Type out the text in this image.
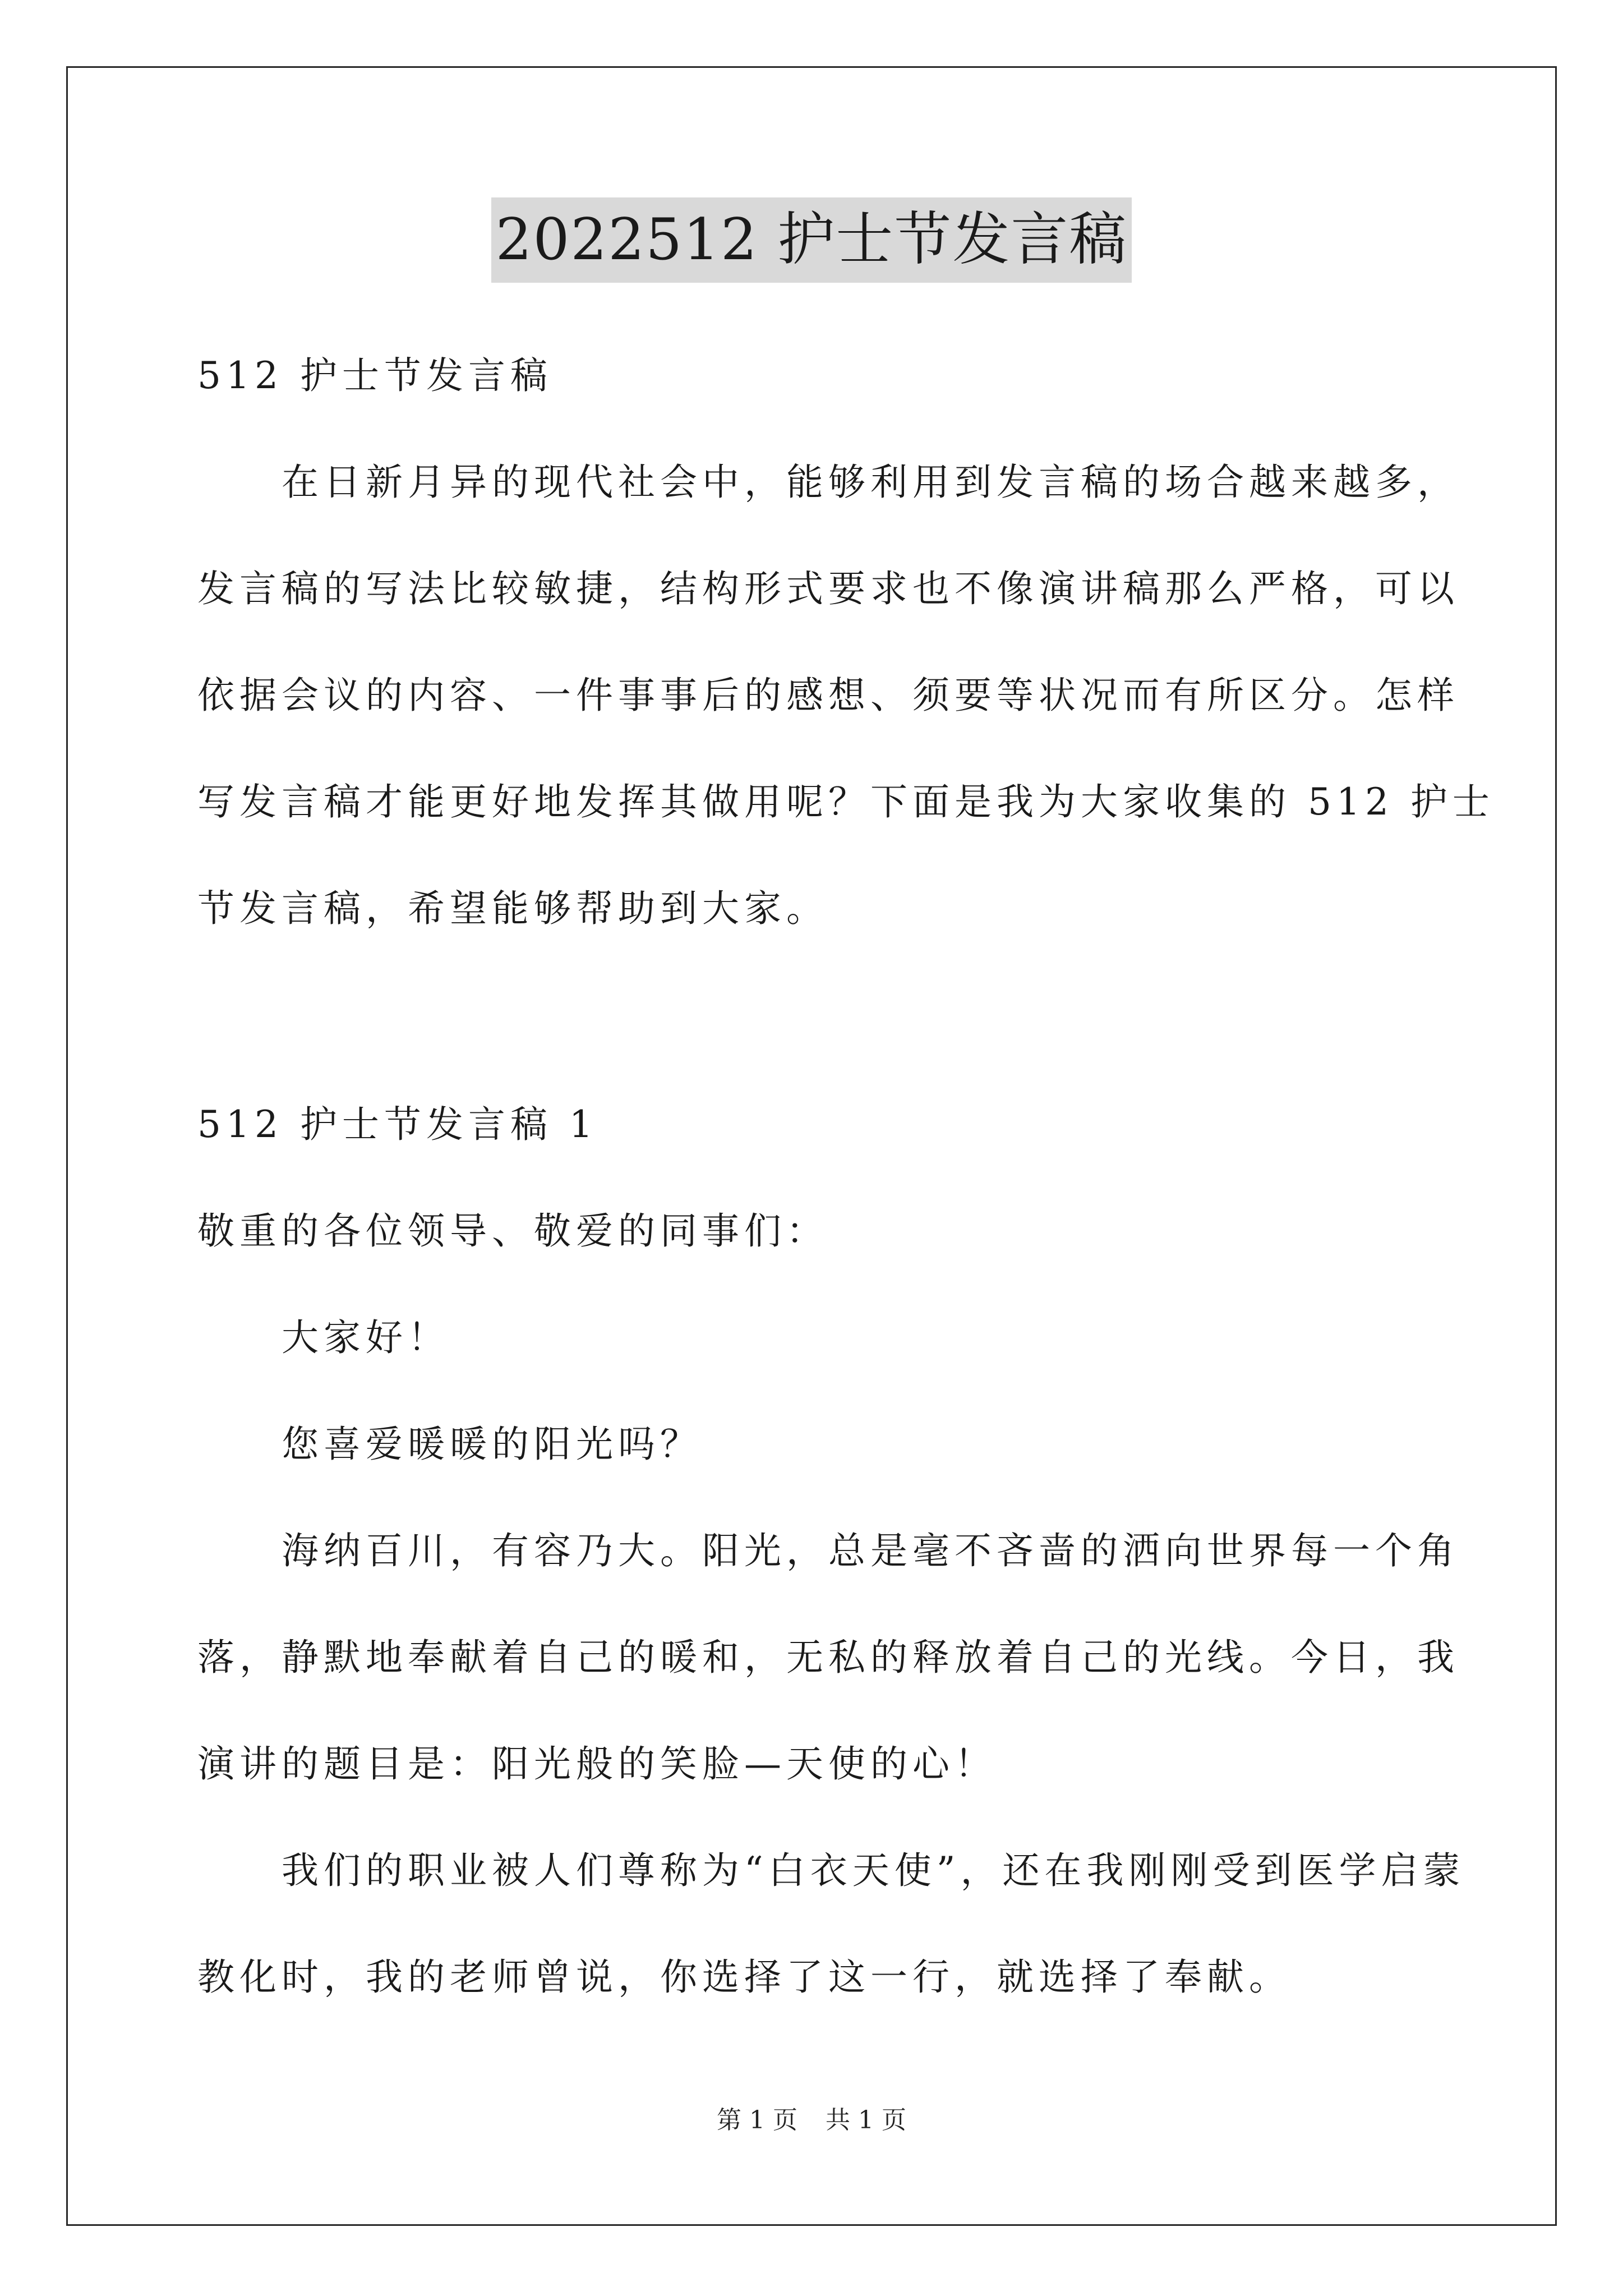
2022512 护士节发言稿
512 护士节发言稿
在日新月异的现代社会中，能够利用到发言稿的场合越来越多，
发言稿的写法比较敏捷，结构形式要求也不像演讲稿那么严格，可以
依据会议的内容、一件事事后的感想、须要等状况而有所区分。怎样
写发言稿才能更好地发挥其做用呢？下面是我为大家收集的 512 护士
节发言稿，希望能够帮助到大家。
512 护士节发言稿 1
敬重的各位领导、敬爱的同事们：
大家好！
您喜爱暖暖的阳光吗？
海纳百川，有容乃大。阳光，总是毫不吝啬的洒向世界每一个角
落，静默地奉献着自己的暖和，无私的释放着自己的光线。今日，我
演讲的题目是：阳光般的笑脸—天使的心！
我们的职业被人们尊称为“白衣天使”，还在我刚刚受到医学启蒙
教化时，我的老师曾说，你选择了这一行，就选择了奉献。
第 1 页 共 1 页
